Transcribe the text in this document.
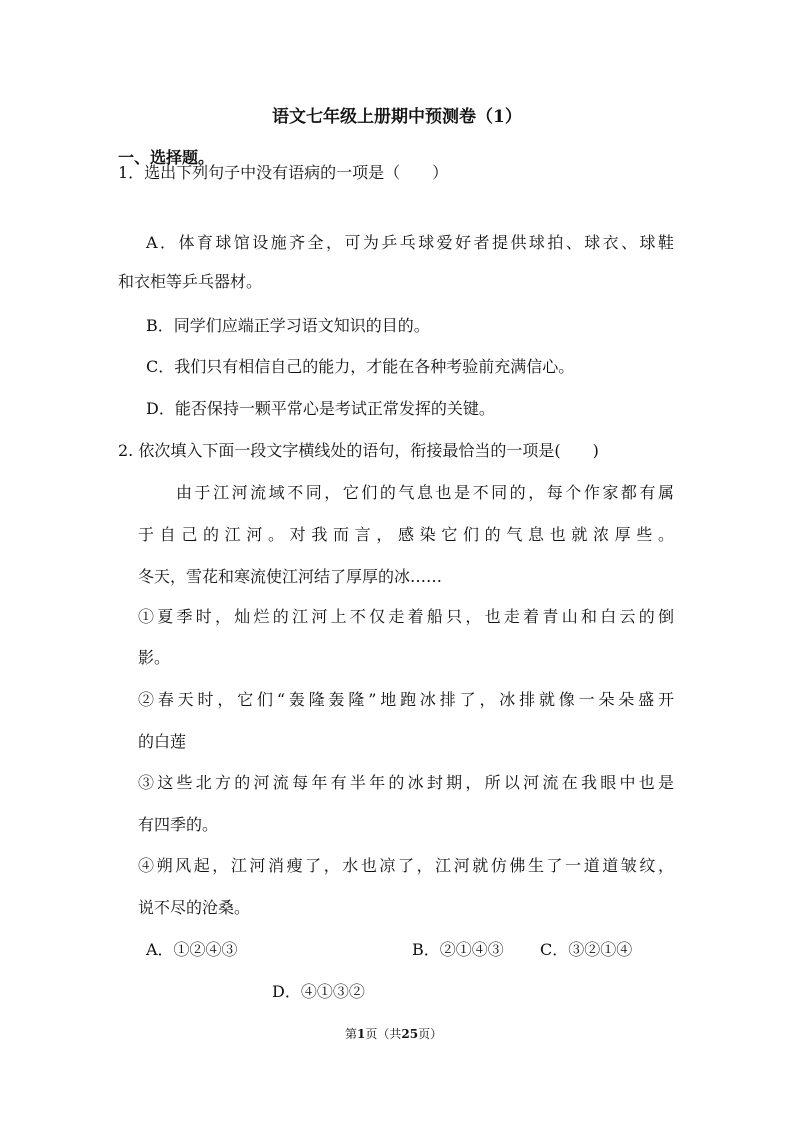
语文七年级上册期中预测卷（1）
一、选择题。
1．选出下列句子中没有语病的一项是（　　）
A．体育球馆设施齐全，可为乒乓球爱好者提供球拍、球衣、球鞋
和衣柜等乒乓器材。
B．同学们应端正学习语文知识的目的。
C．我们只有相信自己的能力，才能在各种考验前充满信心。
D．能否保持一颗平常心是考试正常发挥的关键。
2. 依次填入下面一段文字横线处的语句，衔接最恰当的一项是(　　)
由于江河流域不同，它们的气息也是不同的，每个作家都有属
于自己的江河。对我而言，感染它们的气息也就浓厚些。
冬天，雪花和寒流使江河结了厚厚的冰……
①夏季时，灿烂的江河上不仅走着船只，也走着青山和白云的倒
影。
②春天时，它们“轰隆轰隆”地跑冰排了，冰排就像一朵朵盛开
的白莲
③这些北方的河流每年有半年的冰封期，所以河流在我眼中也是
有四季的。
④朔风起，江河消瘦了，水也凉了，江河就仿佛生了一道道皱纹，
说不尽的沧桑。
A．①②④③	B．②①④③ C．③②①④
D．④①③②
第1页（共25页）
